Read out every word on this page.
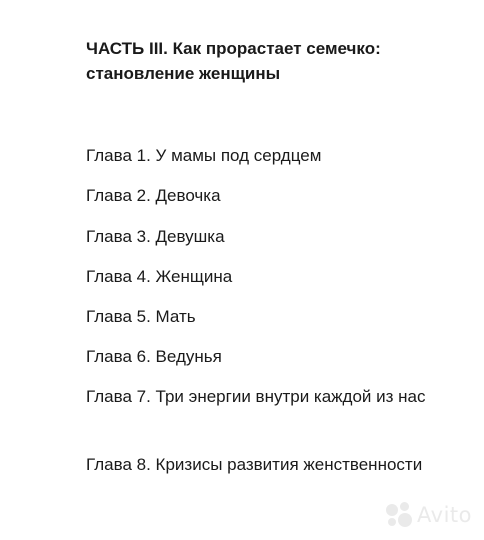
ЧАСТЬ III. Как прорастает семечко: становление женщины
Глава 1. У мамы под сердцем
Глава 2. Девочка
Глава 3. Девушка
Глава 4. Женщина
Глава 5. Мать
Глава 6. Ведунья
Глава 7. Три энергии внутри каждой из нас
Глава 8. Кризисы развития женственности
Avito
